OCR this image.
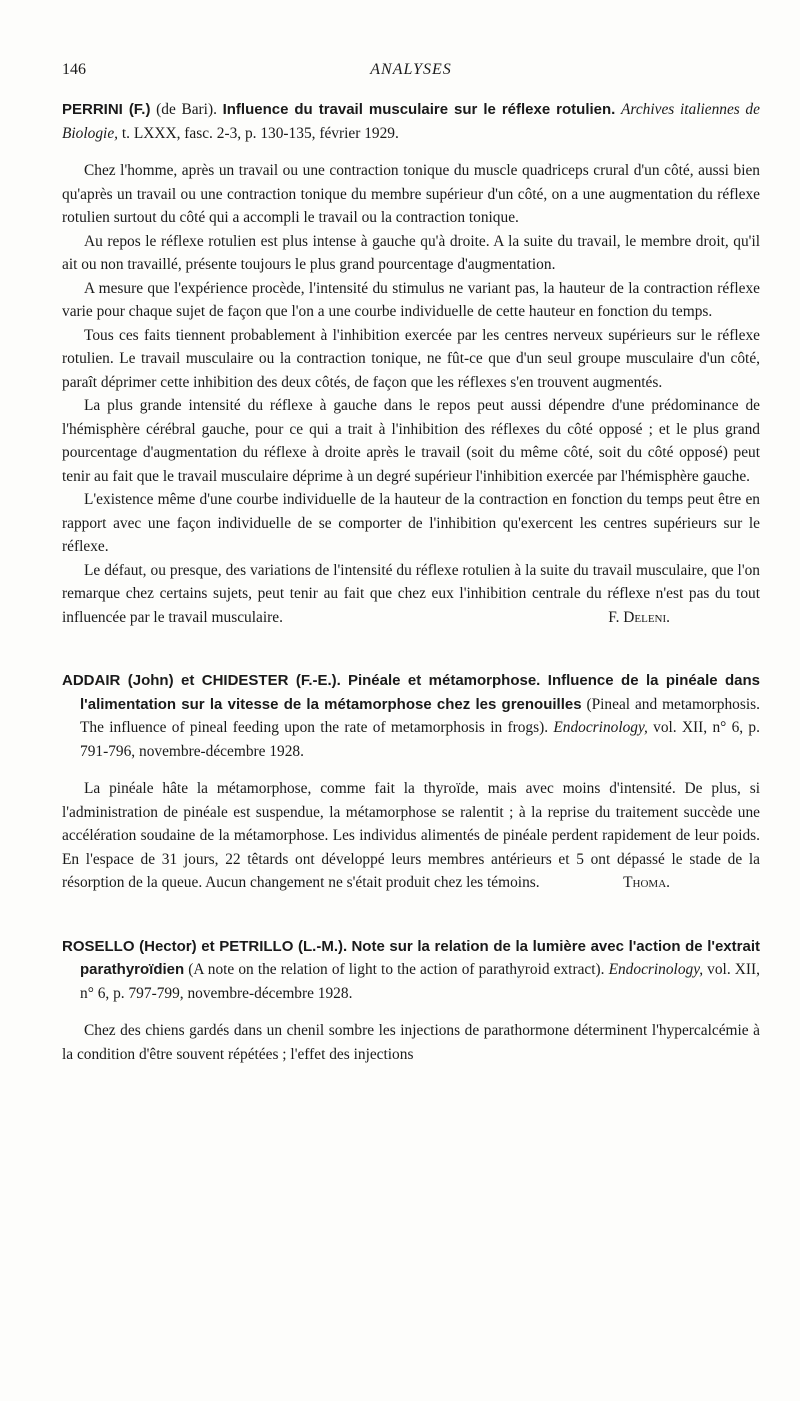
146	ANALYSES
PERRINI (F.) (de Bari). Influence du travail musculaire sur le réflexe rotulien. Archives italiennes de Biologie, t. LXXX, fasc. 2-3, p. 130-135, février 1929.

Chez l'homme, après un travail ou une contraction tonique du muscle quadriceps crural d'un côté, aussi bien qu'après un travail ou une contraction tonique du membre supérieur d'un côté, on a une augmentation du réflexe rotulien surtout du côté qui a accompli le travail ou la contraction tonique.

Au repos le réflexe rotulien est plus intense à gauche qu'à droite. A la suite du travail, le membre droit, qu'il ait ou non travaillé, présente toujours le plus grand pourcentage d'augmentation.

A mesure que l'expérience procède, l'intensité du stimulus ne variant pas, la hauteur de la contraction réflexe varie pour chaque sujet de façon que l'on a une courbe individuelle de cette hauteur en fonction du temps.

Tous ces faits tiennent probablement à l'inhibition exercée par les centres nerveux supérieurs sur le réflexe rotulien. Le travail musculaire ou la contraction tonique, ne fût-ce que d'un seul groupe musculaire d'un côté, paraît déprimer cette inhibition des deux côtés, de façon que les réflexes s'en trouvent augmentés.

La plus grande intensité du réflexe à gauche dans le repos peut aussi dépendre d'une prédominance de l'hémisphère cérébral gauche, pour ce qui a trait à l'inhibition des réflexes du côté opposé ; et le plus grand pourcentage d'augmentation du réflexe à droite après le travail (soit du même côté, soit du côté opposé) peut tenir au fait que le travail musculaire déprime à un degré supérieur l'inhibition exercée par l'hémisphère gauche.

L'existence même d'une courbe individuelle de la hauteur de la contraction en fonction du temps peut être en rapport avec une façon individuelle de se comporter de l'inhibition qu'exercent les centres supérieurs sur le réflexe.

Le défaut, ou presque, des variations de l'intensité du réflexe rotulien à la suite du travail musculaire, que l'on remarque chez certains sujets, peut tenir au fait que chez eux l'inhibition centrale du réflexe n'est pas du tout influencée par le travail musculaire.	F. Deleni.
ADDAIR (John) et CHIDESTER (F.-E.). Pinéale et métamorphose. Influence de la pinéale dans l'alimentation sur la vitesse de la métamorphose chez les grenouilles (Pineal and metamorphosis. The influence of pineal feeding upon the rate of metamorphosis in frogs). Endocrinology, vol. XII, n° 6, p. 791-796, novembre-décembre 1928.

La pinéale hâte la métamorphose, comme fait la thyroïde, mais avec moins d'intensité. De plus, si l'administration de pinéale est suspendue, la métamorphose se ralentit ; à la reprise du traitement succède une accélération soudaine de la métamorphose. Les individus alimentés de pinéale perdent rapidement de leur poids. En l'espace de 31 jours, 22 têtards ont développé leurs membres antérieurs et 5 ont dépassé le stade de la résorption de la queue. Aucun changement ne s'était produit chez les témoins.	Thoma.
ROSELLO (Hector) et PETRILLO (L.-M.). Note sur la relation de la lumière avec l'action de l'extrait parathyroïdien (A note on the relation of light to the action of parathyroid extract). Endocrinology, vol. XII, n° 6, p. 797-799, novembre-décembre 1928.

Chez des chiens gardés dans un chenil sombre les injections de parathormone déterminent l'hypercalcémie à la condition d'être souvent répétées ; l'effet des injections
